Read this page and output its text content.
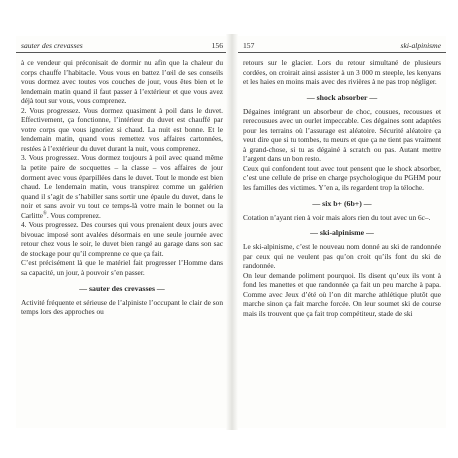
sauter des crevasses	156

à ce vendeur qui préconisait de dormir nu afin que la chaleur du corps chauffe l’habitacle. Vous vous en battez l’œil de ses conseils vous dormez avec toutes vos couches de jour, vous êtes bien et le lendemain matin quand il faut passer à l’extérieur et que vous avez déjà tout sur vous, vous comprenez.

2. Vous progressez. Vous dormez quasiment à poil dans le duvet. Effectivement, ça fonctionne, l’intérieur du duvet est chauffé par votre corps que vous ignoriez si chaud. La nuit est bonne. Et le lendemain matin, quand vous remettez vos affaires cartonnées, restées à l’extérieur du duvet durant la nuit, vous comprenez.

3. Vous progressez. Vous dormez toujours à poil avec quand même la petite paire de socquettes – la classe – vos affaires de jour dorment avec vous éparpillées dans le duvet. Tout le monde est bien chaud. Le lendemain matin, vous transpirez comme un galérien quand il s’agit de s’habiller sans sortir une épaule du duvet, dans le noir et sans avoir vu tout ce temps-là votre main le bonnet ou la Carlitte®. Vous comprenez.

4. Vous progressez. Des courses qui vous prenaient deux jours avec bivouac imposé sont avalées désormais en une seule journée avec retour chez vous le soir, le duvet bien rangé au garage dans son sac de stockage pour qu’il comprenne ce que ça fait.

C’est précisément là que le matériel fait progresser l’Homme dans sa capacité, un jour, à pouvoir s’en passer.

— sauter des crevasses —

Activité fréquente et sérieuse de l’alpiniste l’occupant le clair de son temps lors des approches ou

157	ski-alpinisme

retours sur le glacier. Lors du retour simultané de plusieurs cordées, on croirait ainsi assister à un 3 000 m steeple, les kenyans et les haies en moins mais avec des rivières à ne pas trop négliger.

— shock absorber —

Dégaines intégrant un absorbeur de choc, cousues, recousues et rerecousues avec un ourlet impeccable. Ces dégaines sont adaptées pour les terrains où l’assurage est aléatoire. Sécurité aléatoire ça veut dire que si tu tombes, tu meurs et que ça ne tient pas vraiment à grand-chose, si tu as dégainé à scratch ou pas. Autant mettre l’argent dans un bon resto.

Ceux qui confondent tout avec tout pensent que le shock absorber, c’est une cellule de prise en charge psychologique du PGHM pour les familles des victimes. Y’en a, ils regardent trop la téloche.

— six b+ (6b+) —

Cotation n’ayant rien à voir mais alors rien du tout avec un 6c–.

— ski-alpinisme —

Le ski-alpinisme, c’est le nouveau nom donné au ski de randonnée par ceux qui ne veulent pas qu’on croit qu’ils font du ski de randonnée.

On leur demande poliment pourquoi. Ils disent qu’eux ils vont à fond les manettes et que randonnée ça fait un peu marche à papa. Comme avec Jeux d’été où l’on dit marche athlétique plutôt que marche sinon ça fait marche forcée. On leur soumet ski de course mais ils trouvent que ça fait trop compétiteur, stade de ski
